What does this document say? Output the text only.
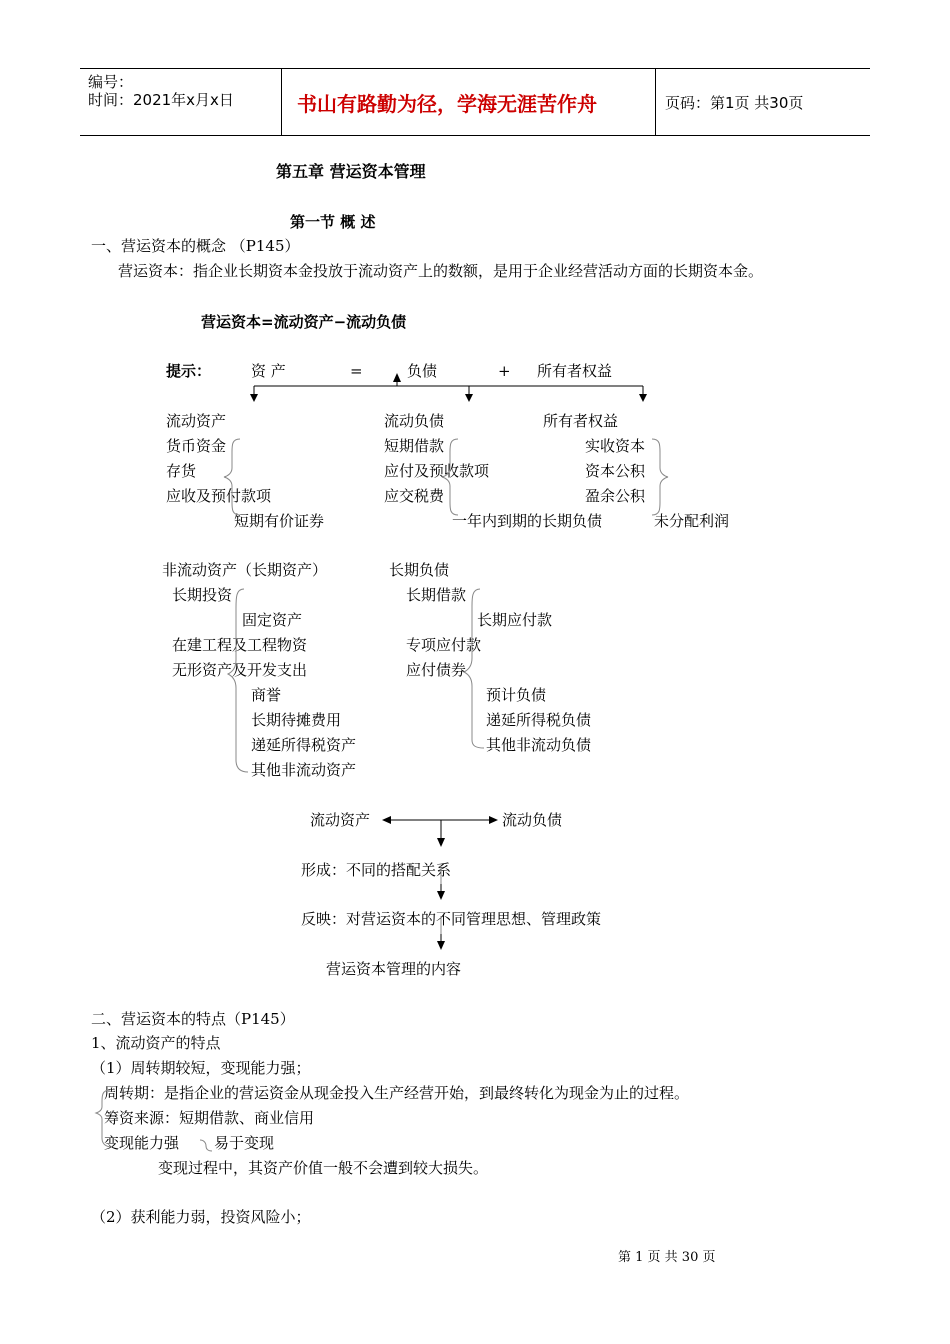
编号：
时间：2021年x月x日	书山有路勤为径，学海无涯苦作舟	页码：第1页 共30页
第五章 营运资本管理
第一节 概 述
一、营运资本的概念 （P145）
营运资本：指企业长期资本金投放于流动资产上的数额，是用于企业经营活动方面的长期资本金。
营运资本=流动资产−流动负债
提示：	资 产	=	负债	+ 所有者权益
流动资产
货币资金
存货
应收及预付款项
短期有价证券
流动负债
短期借款
应付及预收款项
应交税费
一年内到期的长期负债
所有者权益
实收资本
资本公积
盈余公积
未分配利润
非流动资产（长期资产）
长期投资
固定资产
在建工程及工程物资
无形资产及开发支出
商誉
长期待摊费用
递延所得税资产
其他非流动资产
长期负债
长期借款
长期应付款
专项应付款
应付债券
预计负债
递延所得税负债
其他非流动负债
流动资产	流动负债
形成：不同的搭配关系
反映：对营运资本的不同管理思想、管理政策
营运资本管理的内容
二、营运资本的特点（P145）
1、流动资产的特点
（1）周转期较短，变现能力强；
周转期：是指企业的营运资金从现金投入生产经营开始，到最终转化为现金为止的过程。
筹资来源：短期借款、商业信用
变现能力强 易于变现
变现过程中，其资产价值一般不会遭到较大损失。
（2）获利能力弱，投资风险小；
第 1 页 共 30 页
